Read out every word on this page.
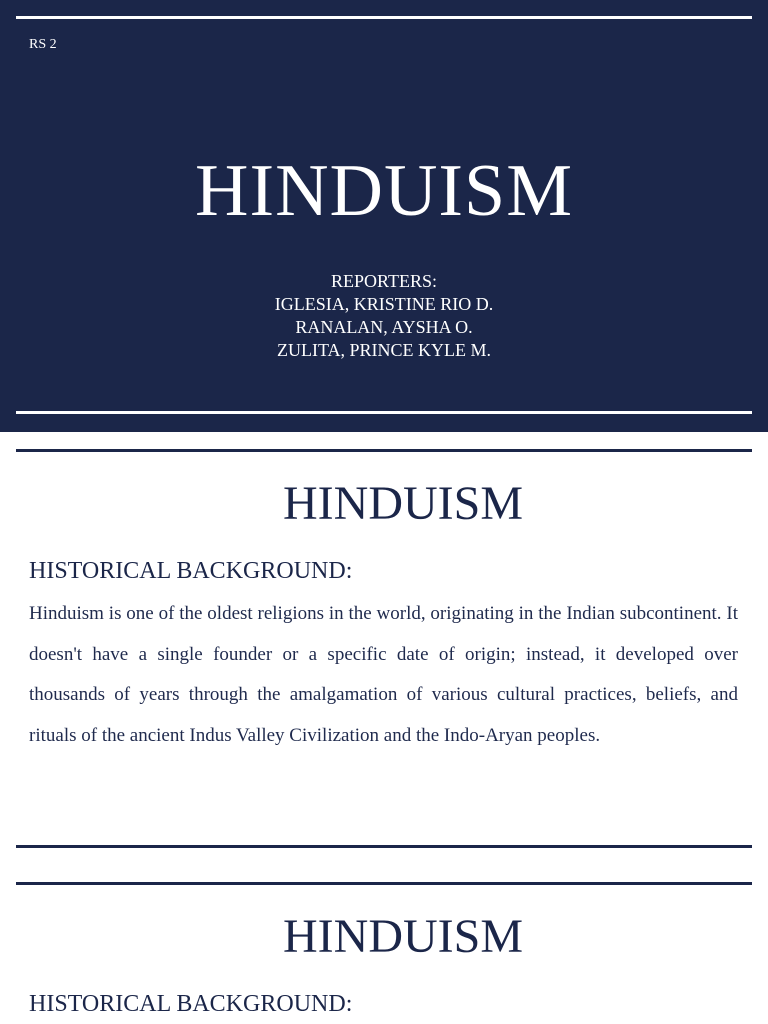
RS 2
HINDUISM
REPORTERS:
IGLESIA, KRISTINE RIO D.
RANALAN, AYSHA O.
ZULITA, PRINCE KYLE M.
HINDUISM
HISTORICAL BACKGROUND:
Hinduism is one of the oldest religions in the world, originating in the Indian subcontinent. It doesn't have a single founder or a specific date of origin; instead, it developed over thousands of years through the amalgamation of various cultural practices, beliefs, and rituals of the ancient Indus Valley Civilization and the Indo-Aryan peoples.
HINDUISM
HISTORICAL BACKGROUND:
